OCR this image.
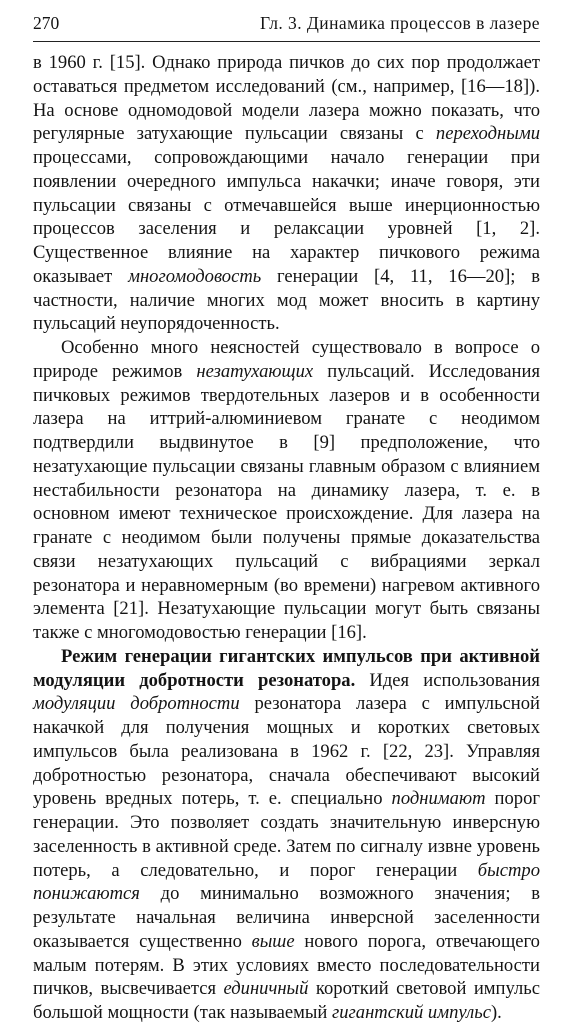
270	Гл. 3. Динамика процессов в лазере

в 1960 г. [15]. Однако природа пичков до сих пор продолжает оставаться предметом исследований (см., например, [16—18]). На основе одномодовой модели лазера можно показать, что регулярные затухающие пульсации связаны с переходными процессами, сопровождающими начало генерации при появлении очередного импульса накачки; иначе говоря, эти пульсации связаны с отмечавшейся выше инерционностью процессов заселения и релаксации уровней [1, 2]. Существенное влияние на характер пичкового режима оказывает многомодовость генерации [4, 11, 16—20]; в частности, наличие многих мод может вносить в картину пульсаций неупорядоченность.

Особенно много неясностей существовало в вопросе о природе режимов незатухающих пульсаций. Исследования пичковых режимов твердотельных лазеров и в особенности лазера на иттрий-алюминиевом гранате с неодимом подтвердили выдвинутое в [9] предположение, что незатухающие пульсации связаны главным образом с влиянием нестабильности резонатора на динамику лазера, т. е. в основном имеют техническое происхождение. Для лазера на гранате с неодимом были получены прямые доказательства связи незатухающих пульсаций с вибрациями зеркал резонатора и неравномерным (во времени) нагревом активного элемента [21]. Незатухающие пульсации могут быть связаны также с многомодовостью генерации [16].

Режим генерации гигантских импульсов при активной модуляции добротности резонатора. Идея использования модуляции добротности резонатора лазера с импульсной накачкой для получения мощных и коротких световых импульсов была реализована в 1962 г. [22, 23]. Управляя добротностью резонатора, сначала обеспечивают высокий уровень вредных потерь, т. е. специально поднимают порог генерации. Это позволяет создать значительную инверсную заселенность в активной среде. Затем по сигналу извне уровень потерь, а следовательно, и порог генерации быстро понижаются до минимально возможного значения; в результате начальная величина инверсной заселенности оказывается существенно выше нового порога, отвечающего малым потерям. В этих условиях вместо последовательности пичков, высвечивается единичный короткий световой импульс большой мощности (так называемый гигантский импульс).
